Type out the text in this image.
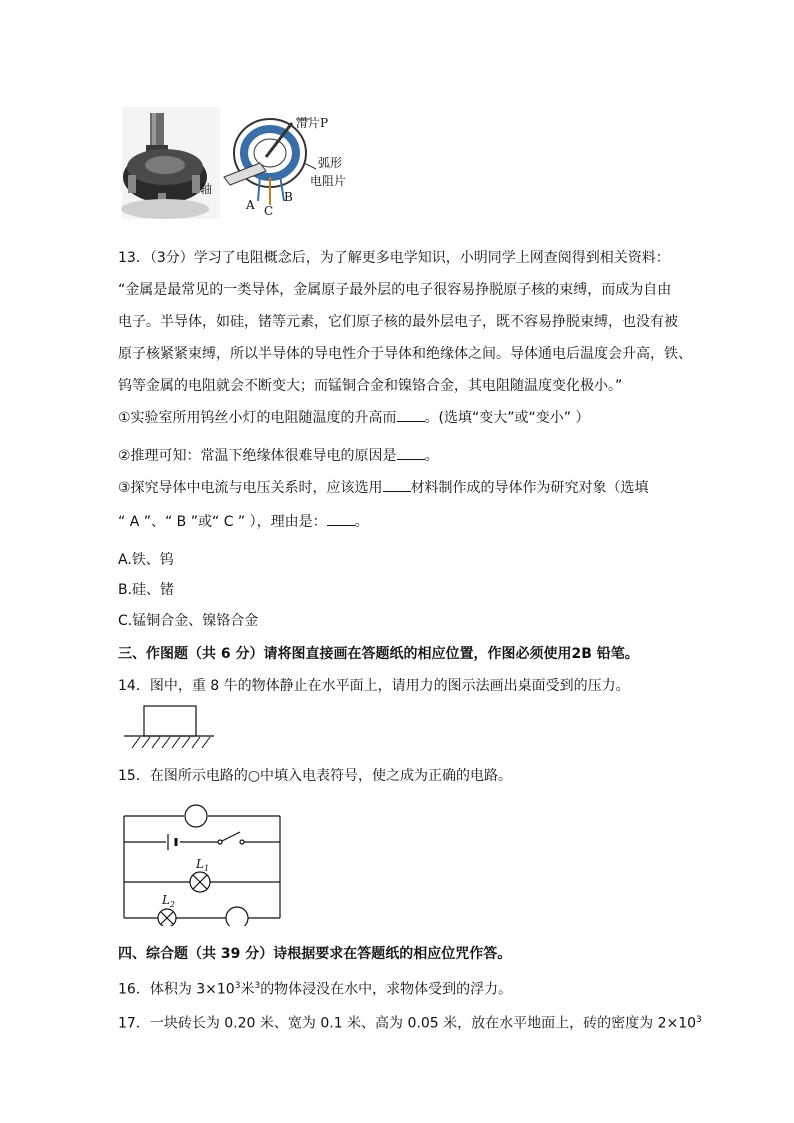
滑片P
弧形
电阻片
轴
A C
B

13．（3分）学习了电阻概念后，为了解更多电学知识，小明同学上网查阅得到相关资料：

“金属是最常见的一类导体，金属原子最外层的电子很容易挣脱原子核的束缚，而成为自由

电子。半导体，如硅，锗等元素，它们原子核的最外层电子，既不容易挣脱束缚，也没有被

原子核紧紧束缚，所以半导体的导电性介于导体和绝缘体之间。导体通电后温度会升高，铁、

钨等金属的电阻就会不断变大；而锰铜合金和镍铬合金，其电阻随温度变化极小。”

①实验室所用钨丝小灯的电阻随温度的升高而 。(选填“变大”或“变小” ）

②推理可知：常温下绝缘体很难导电的原因是 。

③探究导体中电流与电压关系时，应该选用 材料制作成的导体作为研究对象（选填

“ A ”、“ B ”或“ C ” ），理由是： 。

A.铁、钨

B.硅、锗

C.锰铜合金、镍铬合金

三、作图题（共 6 分）请将图直接画在答题纸的相应位置，作图必须使用2B 铅笔。

14．图中，重 8 牛的物体静止在水平面上，请用力的图示法画出桌面受到的压力。

15．在图所示电路的○中填入电表符号，使之成为正确的电路。

$L_1$
$L_2$

四、综合题（共 39 分）诗根据要求在答题纸的相应位咒作答。

16．体积为 $3\times 10^3$米$^3$的物体浸没在水中，求物体受到的浮力。

17．一块砖长为 0.20 米、宽为 0.1 米、高为 0.05 米，放在水平地面上，砖的密度为 $2\times 10^3$
